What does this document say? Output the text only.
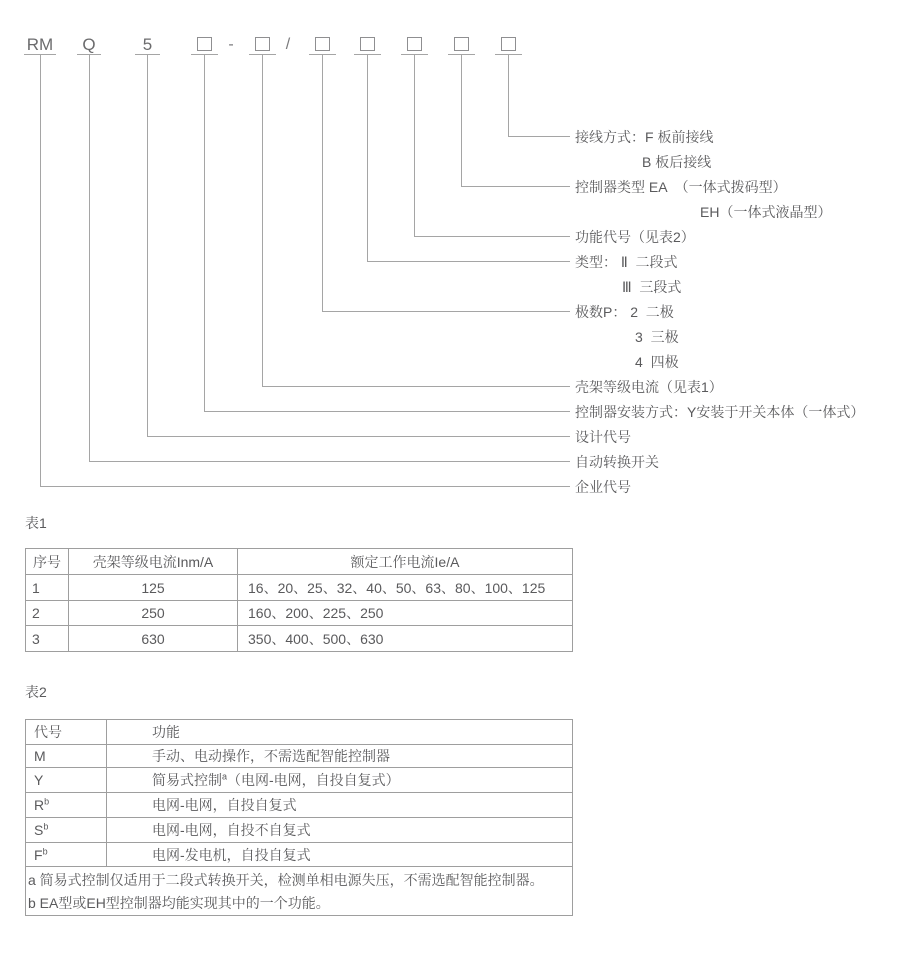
RM	Q	5	-	/
接线方式：F 板前接线
B 板后接线
控制器类型 EA  （一体式拨码型）
EH（一体式液晶型）
功能代号（见表2）
类型： Ⅱ  二段式
Ⅲ  三段式
极数P： 2  二极
3  三极
4  四极
壳架等级电流（见表1）
控制器安装方式：Y安装于开关本体（一体式）
设计代号
自动转换开关
企业代号
表1
序号	壳架等级电流Inm/A	额定工作电流Ie/A
1	125	16、20、25、32、40、50、63、80、100、125
2	250	160、200、225、250
3	630	350、400、500、630
表2
代号	功能
M	手动、电动操作，不需选配智能控制器
Y	简易式控制$^a$（电网-电网，自投自复式）
$R^b$	电网-电网，自投自复式
$S^b$	电网-电网，自投不自复式
$F^b$	电网-发电机，自投自复式

a 简易式控制仅适用于二段式转换开关，检测单相电源失压，不需选配智能控制器。
b EA型或EH型控制器均能实现其中的一个功能。	
